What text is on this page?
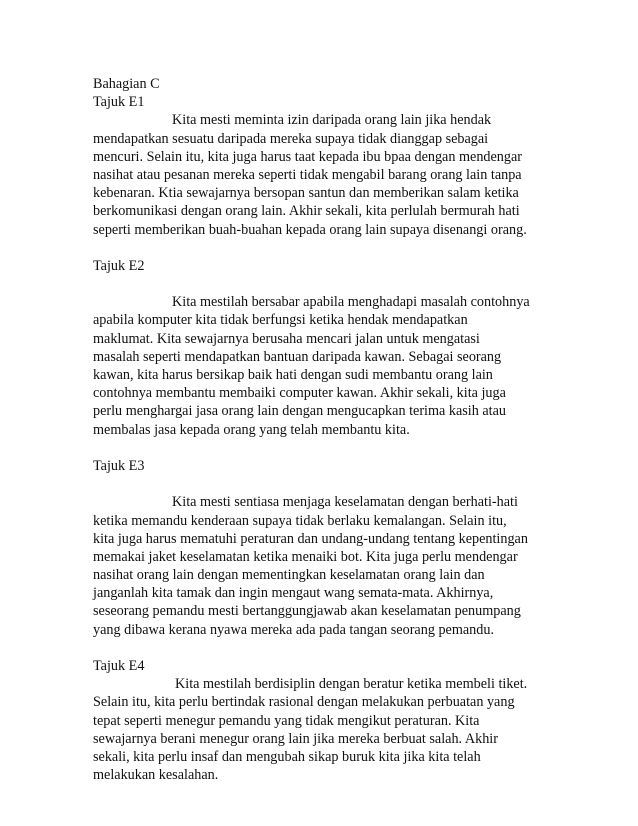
Bahagian C
Tajuk E1
Kita mesti meminta izin daripada orang lain jika hendak
mendapatkan sesuatu daripada mereka supaya tidak dianggap sebagai
mencuri. Selain itu, kita juga harus taat kepada ibu bpaa dengan mendengar
nasihat atau pesanan mereka seperti tidak mengabil barang orang lain tanpa
kebenaran. Ktia sewajarnya bersopan santun dan memberikan salam ketika
berkomunikasi dengan orang lain. Akhir sekali, kita perlulah bermurah hati
seperti memberikan buah-buahan kepada orang lain supaya disenangi orang.
Tajuk E2
Kita mestilah bersabar apabila menghadapi masalah contohnya
apabila komputer kita tidak berfungsi ketika hendak mendapatkan
maklumat. Kita sewajarnya berusaha mencari jalan untuk mengatasi
masalah seperti mendapatkan bantuan daripada kawan. Sebagai seorang
kawan, kita harus bersikap baik hati dengan sudi membantu orang lain
contohnya membantu membaiki computer kawan. Akhir sekali, kita juga
perlu menghargai jasa orang lain dengan mengucapkan terima kasih atau
membalas jasa kepada orang yang telah membantu kita.
Tajuk E3
Kita mesti sentiasa menjaga keselamatan dengan berhati-hati
ketika memandu kenderaan supaya tidak berlaku kemalangan. Selain itu,
kita juga harus mematuhi peraturan dan undang-undang tentang kepentingan
memakai jaket keselamatan ketika menaiki bot. Kita juga perlu mendengar
nasihat orang lain dengan mementingkan keselamatan orang lain dan
janganlah kita tamak dan ingin mengaut wang semata-mata. Akhirnya,
seseorang pemandu mesti bertanggungjawab akan keselamatan penumpang
yang dibawa kerana nyawa mereka ada pada tangan seorang pemandu.
Tajuk E4
Kita mestilah berdisiplin dengan beratur ketika membeli tiket.
Selain itu, kita perlu bertindak rasional dengan melakukan perbuatan yang
tepat seperti menegur pemandu yang tidak mengikut peraturan. Kita
sewajarnya berani menegur orang lain jika mereka berbuat salah. Akhir
sekali, kita perlu insaf dan mengubah sikap buruk kita jika kita telah
melakukan kesalahan.
